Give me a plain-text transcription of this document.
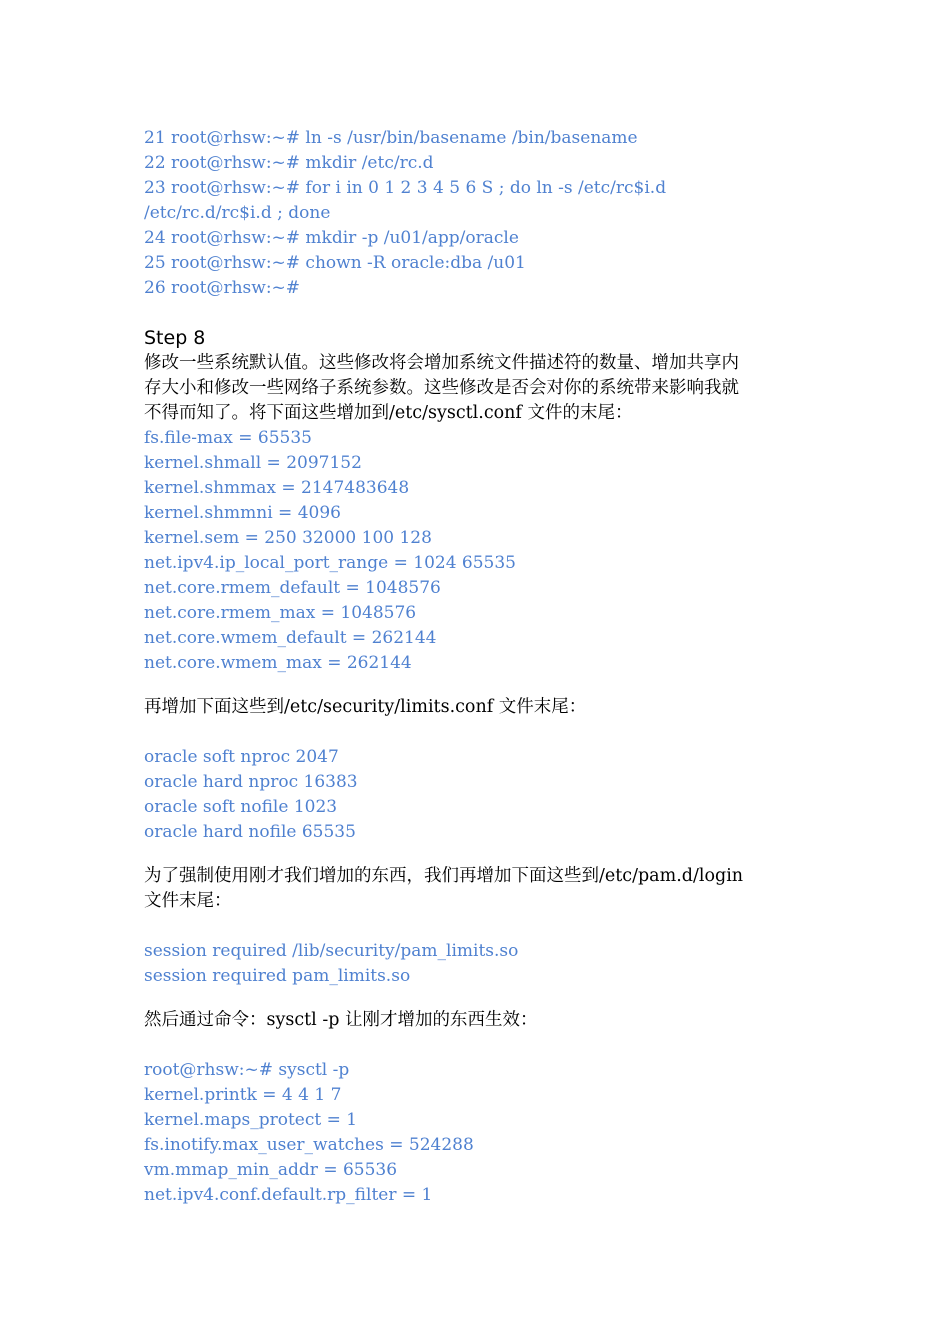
21 root@rhsw:~# ln -s /usr/bin/basename /bin/basename
22 root@rhsw:~# mkdir /etc/rc.d
23 root@rhsw:~# for i in 0 1 2 3 4 5 6 S ; do ln -s /etc/rc$i.d
/etc/rc.d/rc$i.d ; done
24 root@rhsw:~# mkdir -p /u01/app/oracle
25 root@rhsw:~# chown -R oracle:dba /u01
26 root@rhsw:~#
Step 8
修改一些系统默认值。这些修改将会增加系统文件描述符的数量、增加共享内
存大小和修改一些网络子系统参数。这些修改是否会对你的系统带来影响我就
不得而知了。将下面这些增加到/etc/sysctl.conf 文件的末尾：
fs.file-max = 65535
kernel.shmall = 2097152
kernel.shmmax = 2147483648
kernel.shmmni = 4096
kernel.sem = 250 32000 100 128
net.ipv4.ip_local_port_range = 1024 65535
net.core.rmem_default = 1048576
net.core.rmem_max = 1048576
net.core.wmem_default = 262144
net.core.wmem_max = 262144
再增加下面这些到/etc/security/limits.conf 文件末尾：
oracle soft nproc 2047
oracle hard nproc 16383
oracle soft nofile 1023
oracle hard nofile 65535
为了强制使用刚才我们增加的东西，我们再增加下面这些到/etc/pam.d/login
文件末尾：
session required /lib/security/pam_limits.so
session required pam_limits.so
然后通过命令：sysctl -p 让刚才增加的东西生效：
root@rhsw:~# sysctl -p
kernel.printk = 4 4 1 7
kernel.maps_protect = 1
fs.inotify.max_user_watches = 524288
vm.mmap_min_addr = 65536
net.ipv4.conf.default.rp_filter = 1
